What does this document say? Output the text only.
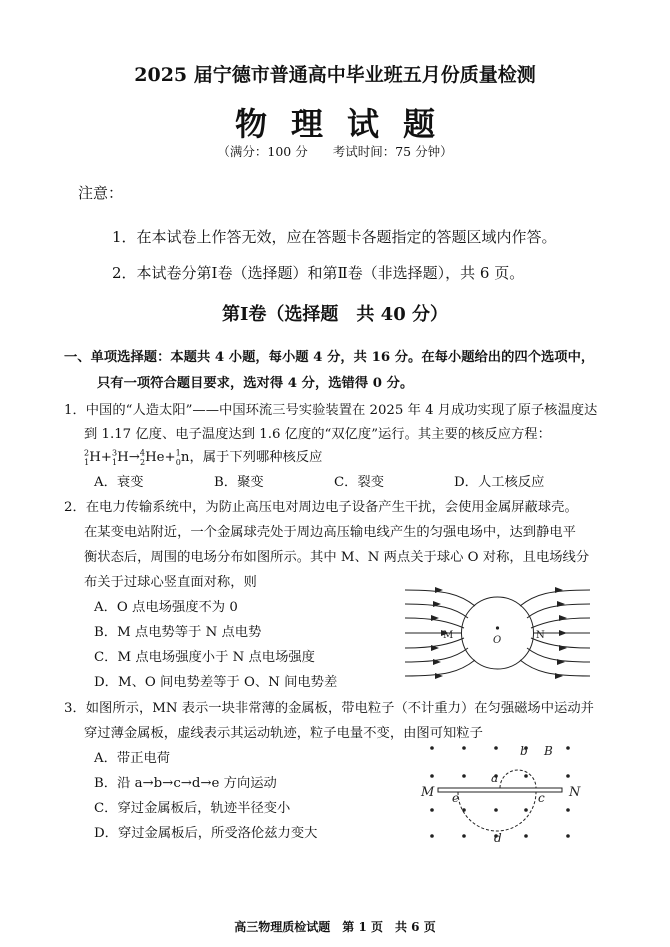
2025 届宁德市普通高中毕业班五月份质量检测
物理试题
（满分：100 分　　考试时间：75 分钟）
注意：
1．在本试卷上作答无效，应在答题卡各题指定的答题区域内作答。
2．本试卷分第Ⅰ卷（选择题）和第Ⅱ卷（非选择题），共 6 页。
第Ⅰ卷（选择题　共 40 分）
一、单项选择题：本题共 4 小题，每小题 4 分，共 16 分。在每小题给出的四个选项中，
只有一项符合题目要求，选对得 4 分，选错得 0 分。
1．中国的“人造太阳”——中国环流三号实验装置在 2025 年 4 月成功实现了原子核温度达
到 1.17 亿度、电子温度达到 1.6 亿度的“双亿度”运行。其主要的核反应方程：
$^2_1$H+$^3_1$H→$^4_2$He+$^1_0$n，属于下列哪种核反应
A．衰变	B．聚变	C．裂变	D．人工核反应
2．在电力传输系统中，为防止高压电对周边电子设备产生干扰，会使用金属屏蔽球壳。
在某变电站附近，一个金属球壳处于周边高压输电线产生的匀强电场中，达到静电平
衡状态后，周围的电场分布如图所示。其中 M、N 两点关于球心 O 对称，且电场线分
布关于过球心竖直面对称，则
A．O 点电场强度不为 0
B．M 点电势等于 N 点电势
C．M 点电场强度小于 N 点电场强度
D．M、O 间电势差等于 O、N 间电势差
M	O	N
3．如图所示，MN 表示一块非常薄的金属板，带电粒子（不计重力）在匀强磁场中运动并
穿过薄金属板，虚线表示其运动轨迹，粒子电量不变，由图可知粒子
A．带正电荷
B．沿 a→b→c→d→e 方向运动
C．穿过金属板后，轨迹半径变小
D．穿过金属板后，所受洛伦兹力变大
M	N
b B
a
c
e
d
高三物理质检试题　第 1 页　共 6 页
